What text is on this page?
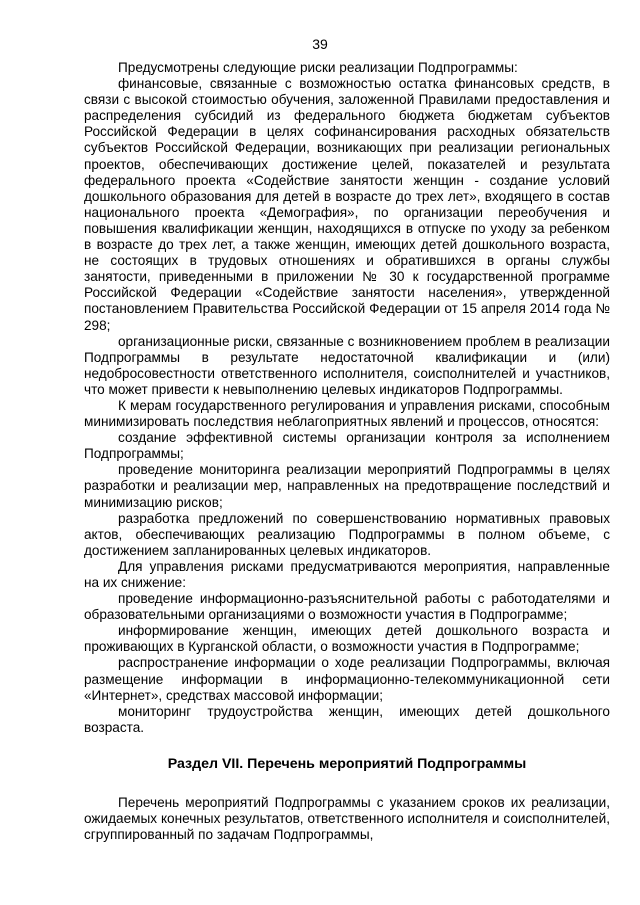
39

Предусмотрены следующие риски реализации Подпрограммы:

финансовые, связанные с возможностью остатка финансовых средств, в связи с высокой стоимостью обучения, заложенной Правилами предоставления и распределения субсидий из федерального бюджета бюджетам субъектов Российской Федерации в целях софинансирования расходных обязательств субъектов Российской Федерации, возникающих при реализации региональных проектов, обеспечивающих достижение целей, показателей и результата федерального проекта «Содействие занятости женщин - создание условий дошкольного образования для детей в возрасте до трех лет», входящего в состав национального проекта «Демография», по организации переобучения и повышения квалификации женщин, находящихся в отпуске по уходу за ребенком в возрасте до трех лет, а также женщин, имеющих детей дошкольного возраста, не состоящих в трудовых отношениях и обратившихся в органы службы занятости, приведенными в приложении № 30 к государственной программе Российской Федерации «Содействие занятости населения», утвержденной постановлением Правительства Российской Федерации от 15 апреля 2014 года № 298;

организационные риски, связанные с возникновением проблем в реализации Подпрограммы в результате недостаточной квалификации и (или) недобросовестности ответственного исполнителя, соисполнителей и участников, что может привести к невыполнению целевых индикаторов Подпрограммы.

К мерам государственного регулирования и управления рисками, способным минимизировать последствия неблагоприятных явлений и процессов, относятся:

создание эффективной системы организации контроля за исполнением Подпрограммы;

проведение мониторинга реализации мероприятий Подпрограммы в целях разработки и реализации мер, направленных на предотвращение последствий и минимизацию рисков;

разработка предложений по совершенствованию нормативных правовых актов, обеспечивающих реализацию Подпрограммы в полном объеме, с достижением запланированных целевых индикаторов.

Для управления рисками предусматриваются мероприятия, направленные на их снижение:

проведение информационно-разъяснительной работы с работодателями и образовательными организациями о возможности участия в Подпрограмме;

информирование женщин, имеющих детей дошкольного возраста и проживающих в Курганской области, о возможности участия в Подпрограмме;

распространение информации о ходе реализации Подпрограммы, включая размещение информации в информационно-телекоммуникационной сети «Интернет», средствах массовой информации;

мониторинг трудоустройства женщин, имеющих детей дошкольного возраста.

Раздел VII. Перечень мероприятий Подпрограммы

Перечень мероприятий Подпрограммы с указанием сроков их реализации, ожидаемых конечных результатов, ответственного исполнителя и соисполнителей, сгруппированный по задачам Подпрограммы,
